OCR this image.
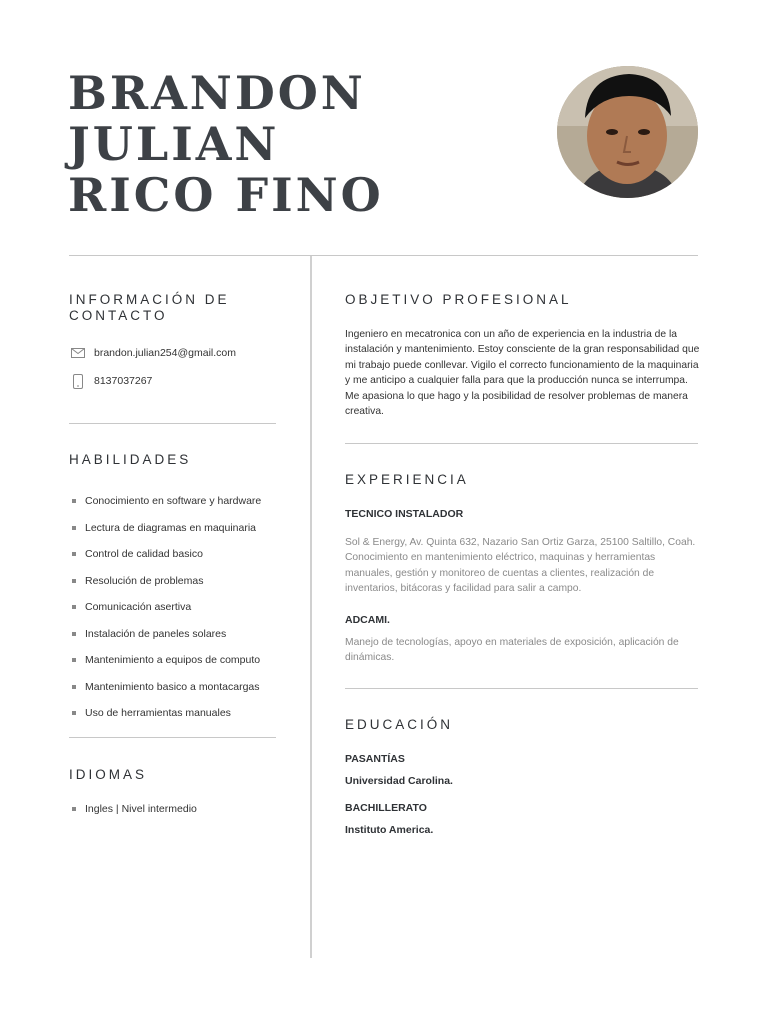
BRANDON
JULIAN
RICO FINO
INFORMACIÓN DE CONTACTO
brandon.julian254@gmail.com
8137037267
HABILIDADES
Conocimiento en software y hardware
Lectura de diagramas en maquinaria
Control de calidad basico
Resolución de problemas
Comunicación asertiva
Instalación de paneles solares
Mantenimiento a equipos de computo
Mantenimiento basico a montacargas
Uso de herramientas manuales
IDIOMAS
Ingles | Nivel intermedio
OBJETIVO PROFESIONAL
Ingeniero en mecatronica con un año de experiencia en la industria de la instalación y mantenimiento. Estoy consciente de la gran responsabilidad que mi trabajo puede conllevar. Vigilo el correcto funcionamiento de la maquinaria y me anticipo a cualquier falla para que la producción nunca se interrumpa. Me apasiona lo que hago y la posibilidad de resolver problemas de manera creativa.
EXPERIENCIA
TECNICO INSTALADOR
Sol & Energy, Av. Quinta 632, Nazario San Ortiz Garza, 25100 Saltillo, Coah. Conocimiento en mantenimiento eléctrico, maquinas y herramientas manuales, gestión y monitoreo de cuentas a clientes, realización de inventarios, bitácoras y facilidad para salir a campo.
ADCAMI.
Manejo de tecnologías, apoyo en materiales de exposición, aplicación de dinámicas.
EDUCACIÓN
PASANTÍAS
Universidad Carolina.
BACHILLERATO
Instituto America.
